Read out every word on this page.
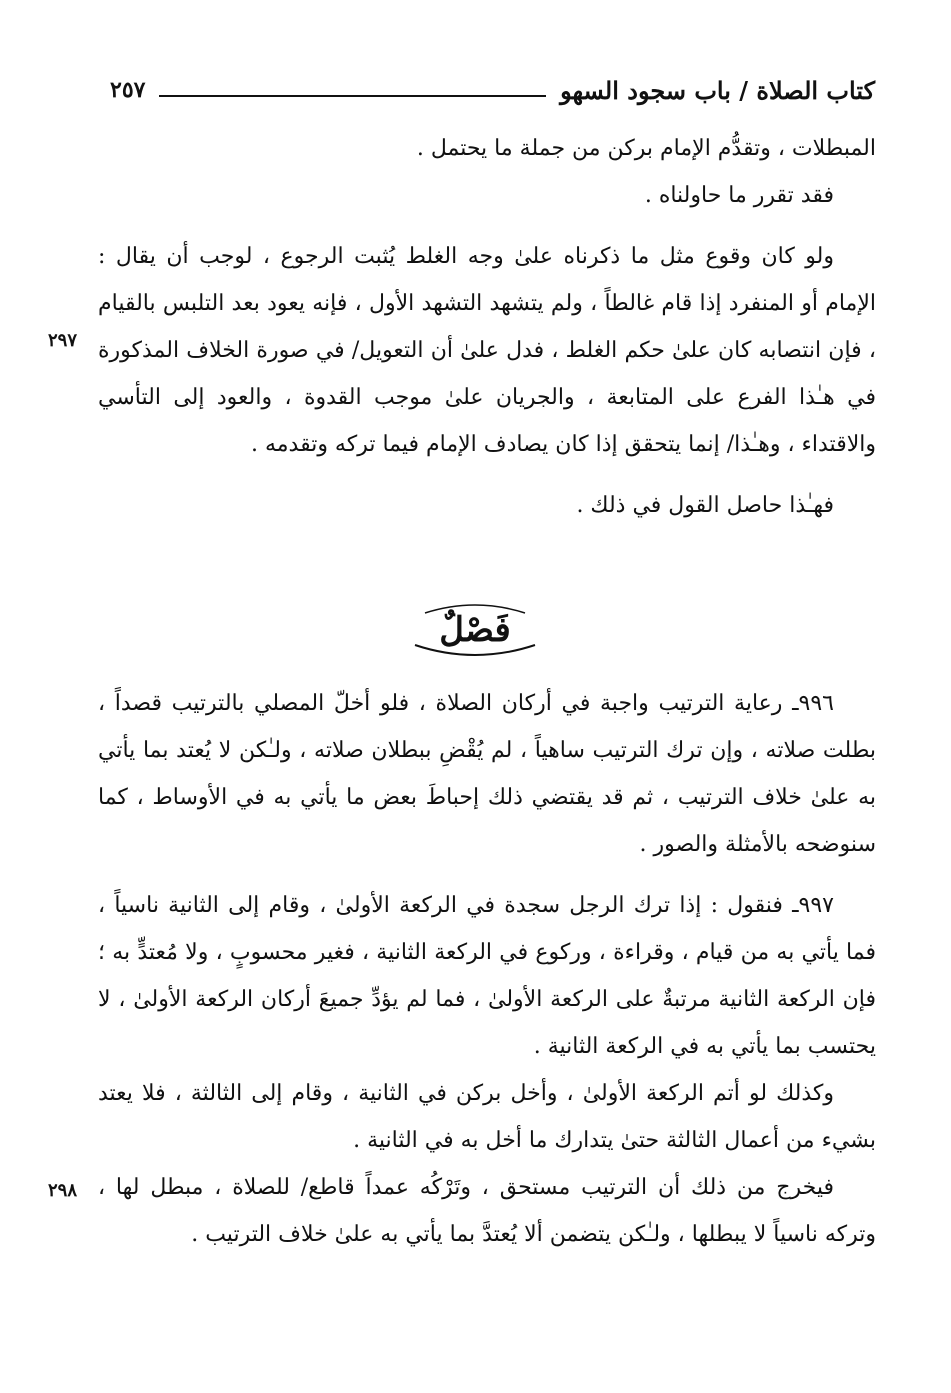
كتاب الصلاة / باب سجود السهو
٢٥٧

المبطلات ، وتقدُّم الإمام بركن من جملة ما يحتمل .

فقد تقرر ما حاولناه .

ولو كان وقوع مثل ما ذكرناه علىٰ وجه الغلط يُثبت الرجوع ، لوجب أن يقال : الإمام أو المنفرد إذا قام غالطاً ، ولم يتشهد التشهد الأول ، فإنه يعود بعد التلبس بالقيام ، فإن انتصابه كان علىٰ حكم الغلط ، فدل علىٰ أن التعويل/ في صورة الخلاف المذكورة في هـٰذا الفرع على المتابعة ، والجريان علىٰ موجب القدوة ، والعود إلى التأسي والاقتداء ، وهـٰذا/ إنما يتحقق إذا كان يصادف الإمام فيما تركه وتقدمه .

فهـٰذا حاصل القول في ذلك .

٢٩٧
فَصْلٌ

٩٩٦ـ رعاية الترتيب واجبة في أركان الصلاة ، فلو أخلّ المصلي بالترتيب قصداً ، بطلت صلاته ، وإن ترك الترتيب ساهياً ، لم يُقْضِ ببطلان صلاته ، ولـٰكن لا يُعتد بما يأتي به علىٰ خلاف الترتيب ، ثم قد يقتضي ذلك إحباطَ بعض ما يأتي به في الأوساط ، كما سنوضحه بالأمثلة والصور .

٩٩٧ـ فنقول : إذا ترك الرجل سجدة في الركعة الأولىٰ ، وقام إلى الثانية ناسياً ، فما يأتي به من قيام ، وقراءة ، وركوع في الركعة الثانية ، فغير محسوبٍ ، ولا مُعتدٍّ به ؛ فإن الركعة الثانية مرتبةٌ على الركعة الأولىٰ ، فما لم يؤدِّ جميعَ أركان الركعة الأولىٰ ، لا يحتسب بما يأتي به في الركعة الثانية .

وكذلك لو أتم الركعة الأولىٰ ، وأخل بركن في الثانية ، وقام إلى الثالثة ، فلا يعتد بشيء من أعمال الثالثة حتىٰ يتدارك ما أخل به في الثانية .

فيخرج من ذلك أن الترتيب مستحق ، وتَرْكُه عمداً قاطع/ للصلاة ، مبطل لها ، وتركه ناسياً لا يبطلها ، ولـٰكن يتضمن ألا يُعتدَّ بما يأتي به علىٰ خلاف الترتيب .

٢٩٨
